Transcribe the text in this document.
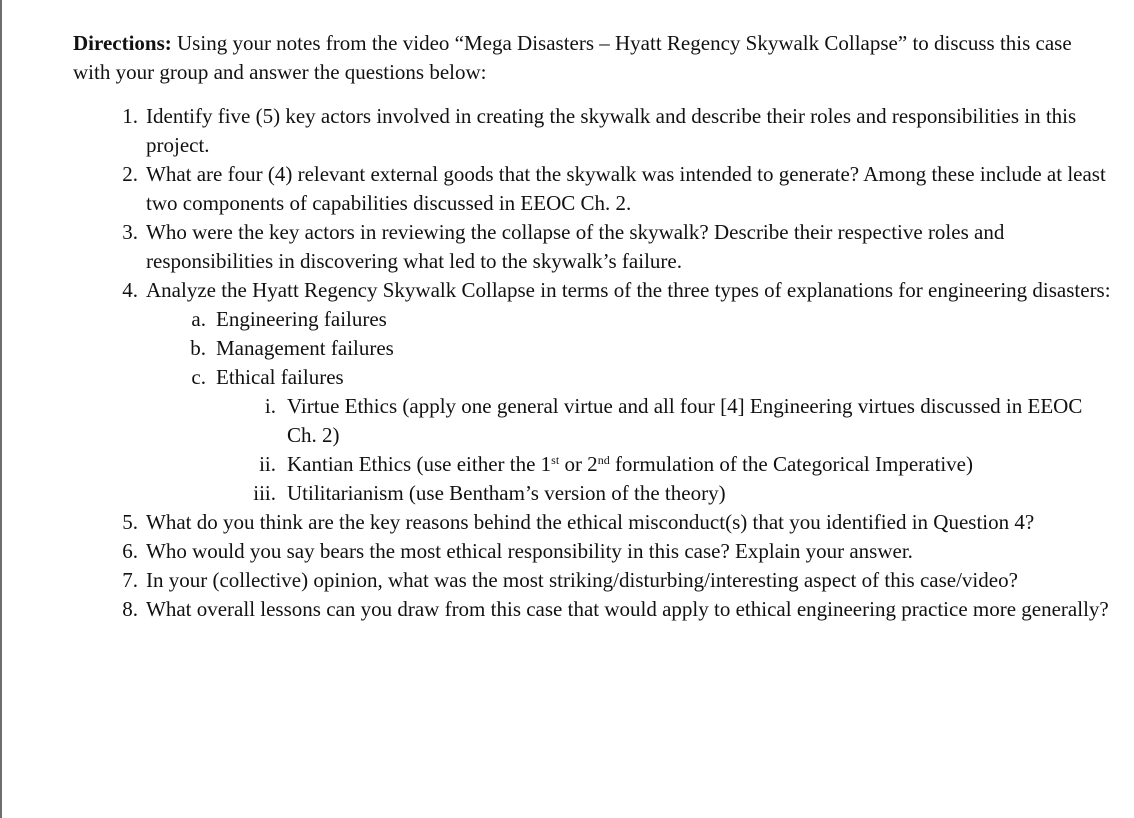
Directions: Using your notes from the video “Mega Disasters – Hyatt Regency Skywalk Collapse” to discuss this case with your group and answer the questions below:

1. Identify five (5) key actors involved in creating the skywalk and describe their roles and responsibilities in this project.
2. What are four (4) relevant external goods that the skywalk was intended to generate? Among these include at least two components of capabilities discussed in EEOC Ch. 2.
3. Who were the key actors in reviewing the collapse of the skywalk? Describe their respective roles and responsibilities in discovering what led to the skywalk’s failure.
4. Analyze the Hyatt Regency Skywalk Collapse in terms of the three types of explanations for engineering disasters:
a. Engineering failures
b. Management failures
c. Ethical failures
i. Virtue Ethics (apply one general virtue and all four [4] Engineering virtues discussed in EEOC Ch. 2)
ii. Kantian Ethics (use either the 1st or 2nd formulation of the Categorical Imperative)
iii. Utilitarianism (use Bentham’s version of the theory)
5. What do you think are the key reasons behind the ethical misconduct(s) that you identified in Question 4?
6. Who would you say bears the most ethical responsibility in this case? Explain your answer.
7. In your (collective) opinion, what was the most striking/disturbing/interesting aspect of this case/video?
8. What overall lessons can you draw from this case that would apply to ethical engineering practice more generally?
